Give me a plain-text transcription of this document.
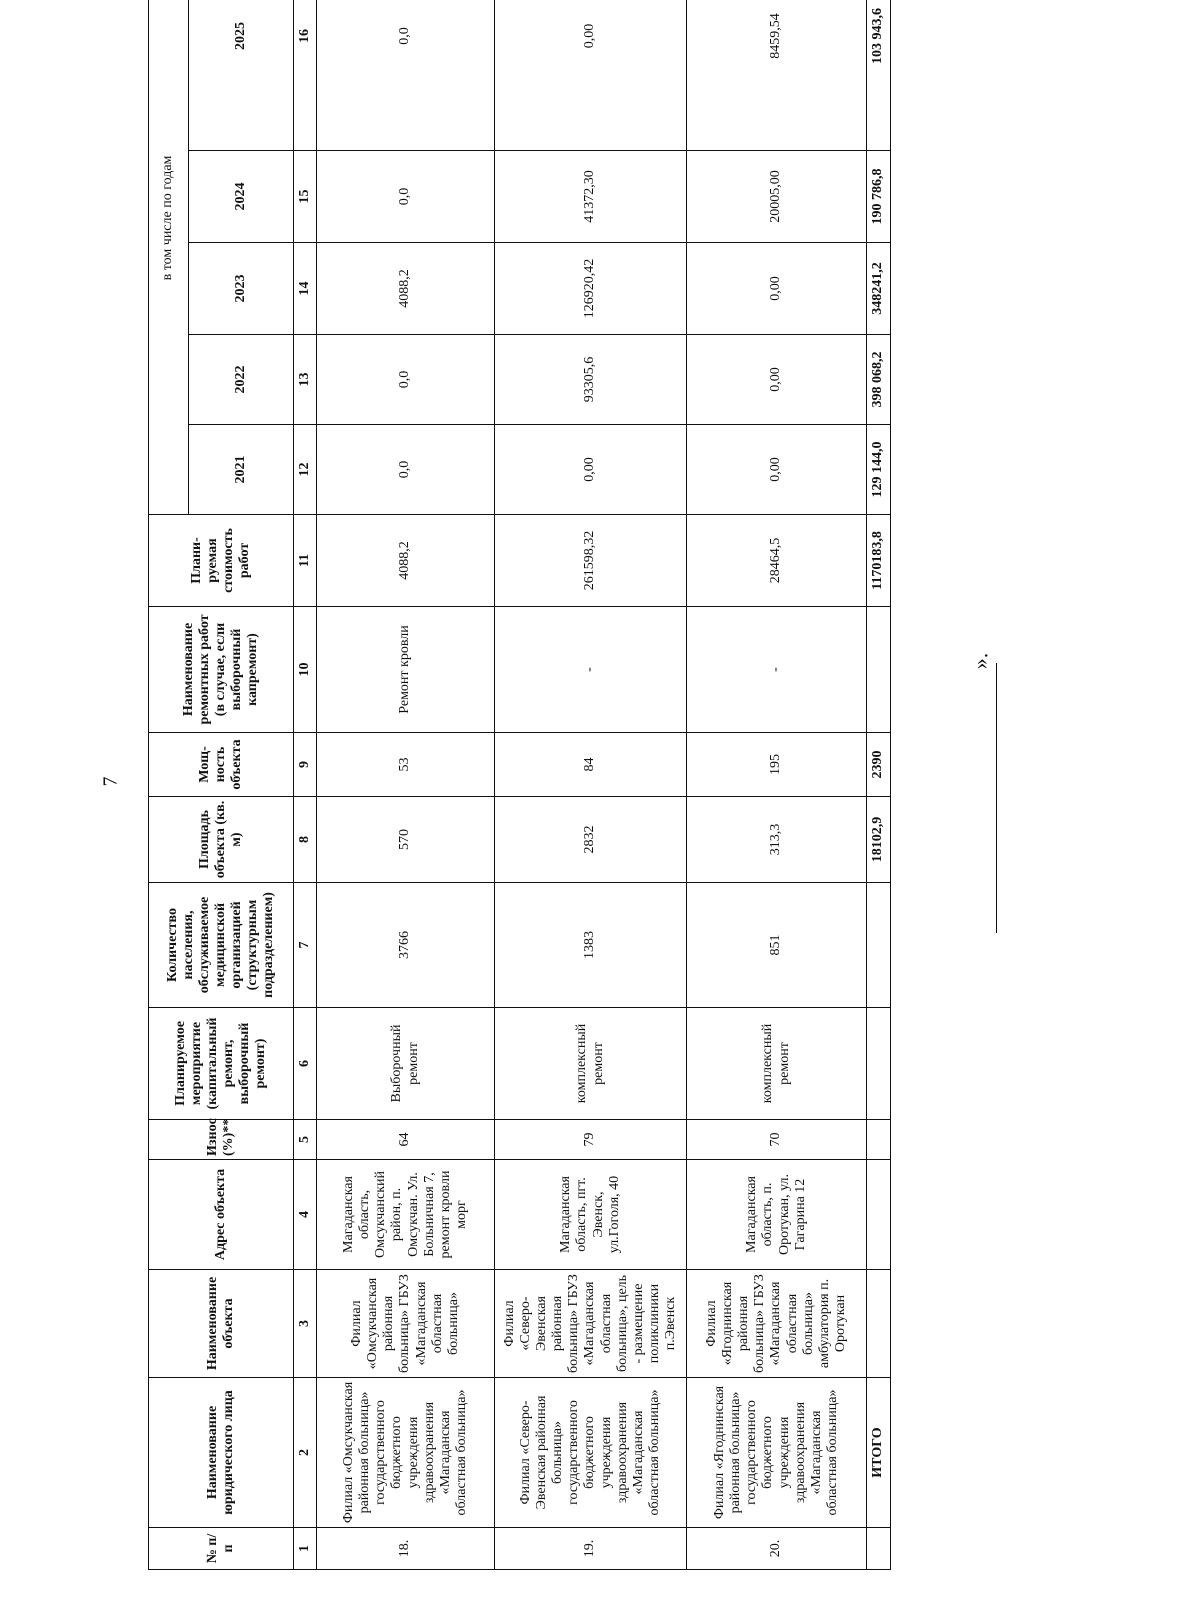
7
№ п/п	Наименование юридического лица	Наименование объекта	Адрес объекта	Износ (%)**	Планируемое мероприятие (капитальный ремонт, выборочный ремонт)	Количество населения, обслуживаемое медицинской организацией (структурным подразделением)	Площадь объекта (кв. м)	Мощ-ность объекта	Наименование ремонтных работ (в случае, если выборочный капремонт)	Плани-руемая стоимость работ	в том числе по годам				
											2021	2022	2023	2024	2025
1	2	3	4	5	6	7	8	9	10	11	12	13	14	15	16
18.	Филиал «Омсукчанская районная больница» государственного бюджетного учреждения здравоохранения «Магаданская областная больница»	Филиал «Омсукчанская районная больница» ГБУЗ «Магаданская областная больница»	Магаданская область, Омсукчанский район, п. Омсукчан. Ул. Больничная 7, ремонт кровли морг	64	Выборочный ремонт	3766	570	53	Ремонт кровли	4088,2	0,0	0,0	4088,2	0,0	0,0
19.	Филиал «Северо-Эвенская районная больница» государственного бюджетного учреждения здравоохранения «Магаданская областная больница»	Филиал «Северо-Эвенская районная больница» ГБУЗ «Магаданская областная больница», цель - размещение поликлиники п.Эвенск	Магаданская область, пгт. Эвенск, ул.Гоголя, 40	79	комплексный ремонт	1383	2832	84	-	261598,32	0,00	93305,6	126920,42	41372,30	0,00
20.	Филиал «Ягоднинская районная больница» государственного бюджетного учреждения здравоохранения «Магаданская областная больница»	Филиал «Ягоднинская районная больница» ГБУЗ «Магаданская областная больница» амбулатория п. Оротукан	Магаданская область, п. Оротукан, ул. Гагарина 12	70	комплексный ремонт	851	313,3	195	-	28464,5	0,00	0,00	0,00	20005,00	8459,54
	ИТОГО						18102,9	2390		1170183,8	129 144,0	398 068,2	348241,2	190 786,8	103 943,6
».
